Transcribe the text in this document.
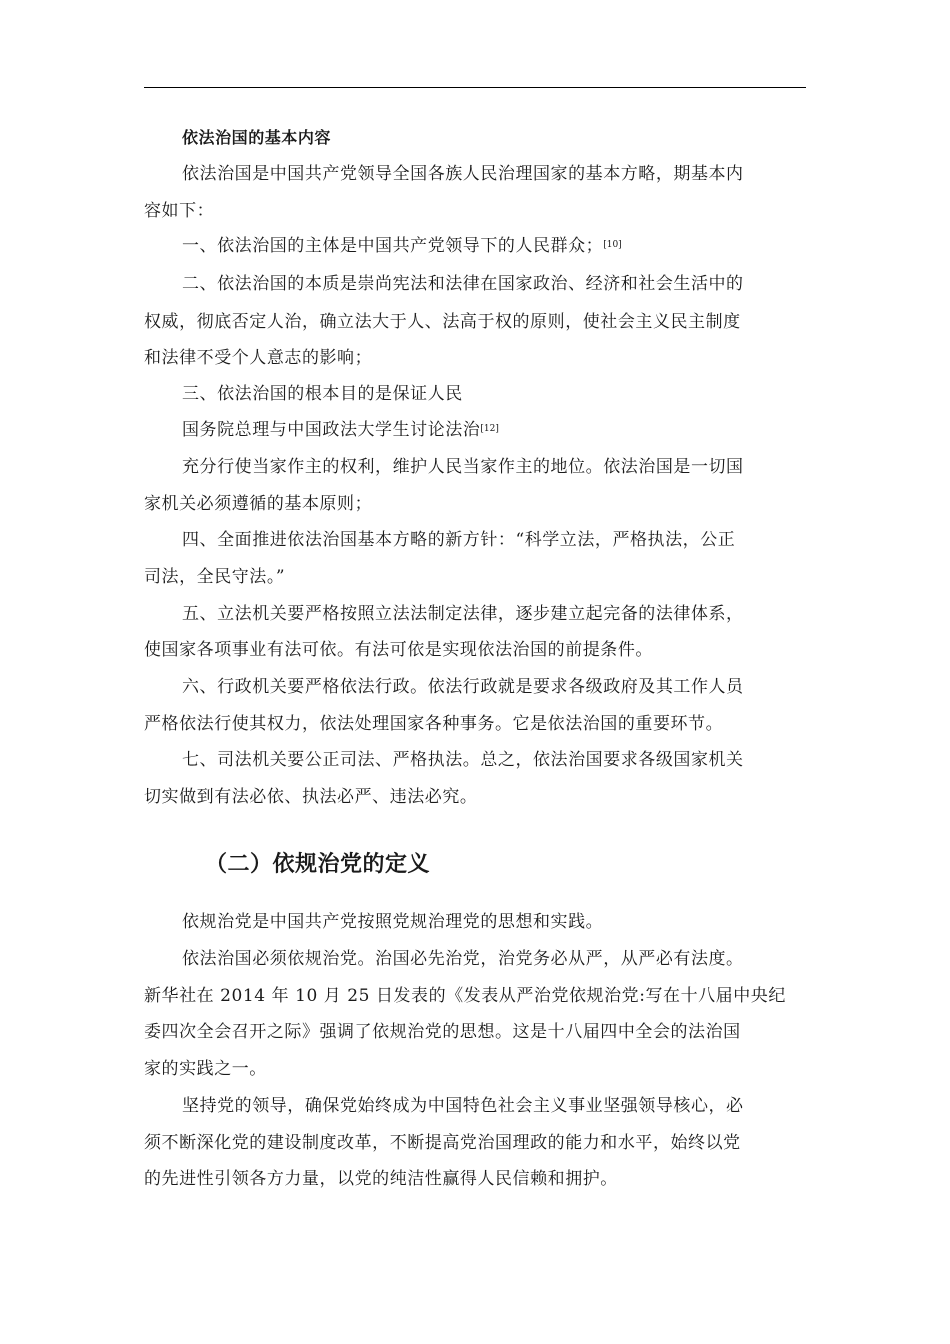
依法治国的基本内容
依法治国是中国共产党领导全国各族人民治理国家的基本方略，期基本内
容如下：
一、依法治国的主体是中国共产党领导下的人民群众；[10]
二、依法治国的本质是崇尚宪法和法律在国家政治、经济和社会生活中的
权威，彻底否定人治，确立法大于人、法高于权的原则，使社会主义民主制度
和法律不受个人意志的影响；
三、依法治国的根本目的是保证人民
国务院总理与中国政法大学生讨论法治[12]
充分行使当家作主的权利，维护人民当家作主的地位。依法治国是一切国
家机关必须遵循的基本原则；
四、全面推进依法治国基本方略的新方针：“科学立法，严格执法，公正
司法，全民守法。”
五、立法机关要严格按照立法法制定法律，逐步建立起完备的法律体系，
使国家各项事业有法可依。有法可依是实现依法治国的前提条件。
六、行政机关要严格依法行政。依法行政就是要求各级政府及其工作人员
严格依法行使其权力，依法处理国家各种事务。它是依法治国的重要环节。
七、司法机关要公正司法、严格执法。总之，依法治国要求各级国家机关
切实做到有法必依、执法必严、违法必究。
（二）依规治党的定义
依规治党是中国共产党按照党规治理党的思想和实践。
依法治国必须依规治党。治国必先治党，治党务必从严，从严必有法度。
新华社在 2014 年 10 月 25 日发表的《发表从严治党依规治党:写在十八届中央纪
委四次全会召开之际》强调了依规治党的思想。这是十八届四中全会的法治国
家的实践之一。
坚持党的领导，确保党始终成为中国特色社会主义事业坚强领导核心，必
须不断深化党的建设制度改革，不断提高党治国理政的能力和水平，始终以党
的先进性引领各方力量，以党的纯洁性赢得人民信赖和拥护。
